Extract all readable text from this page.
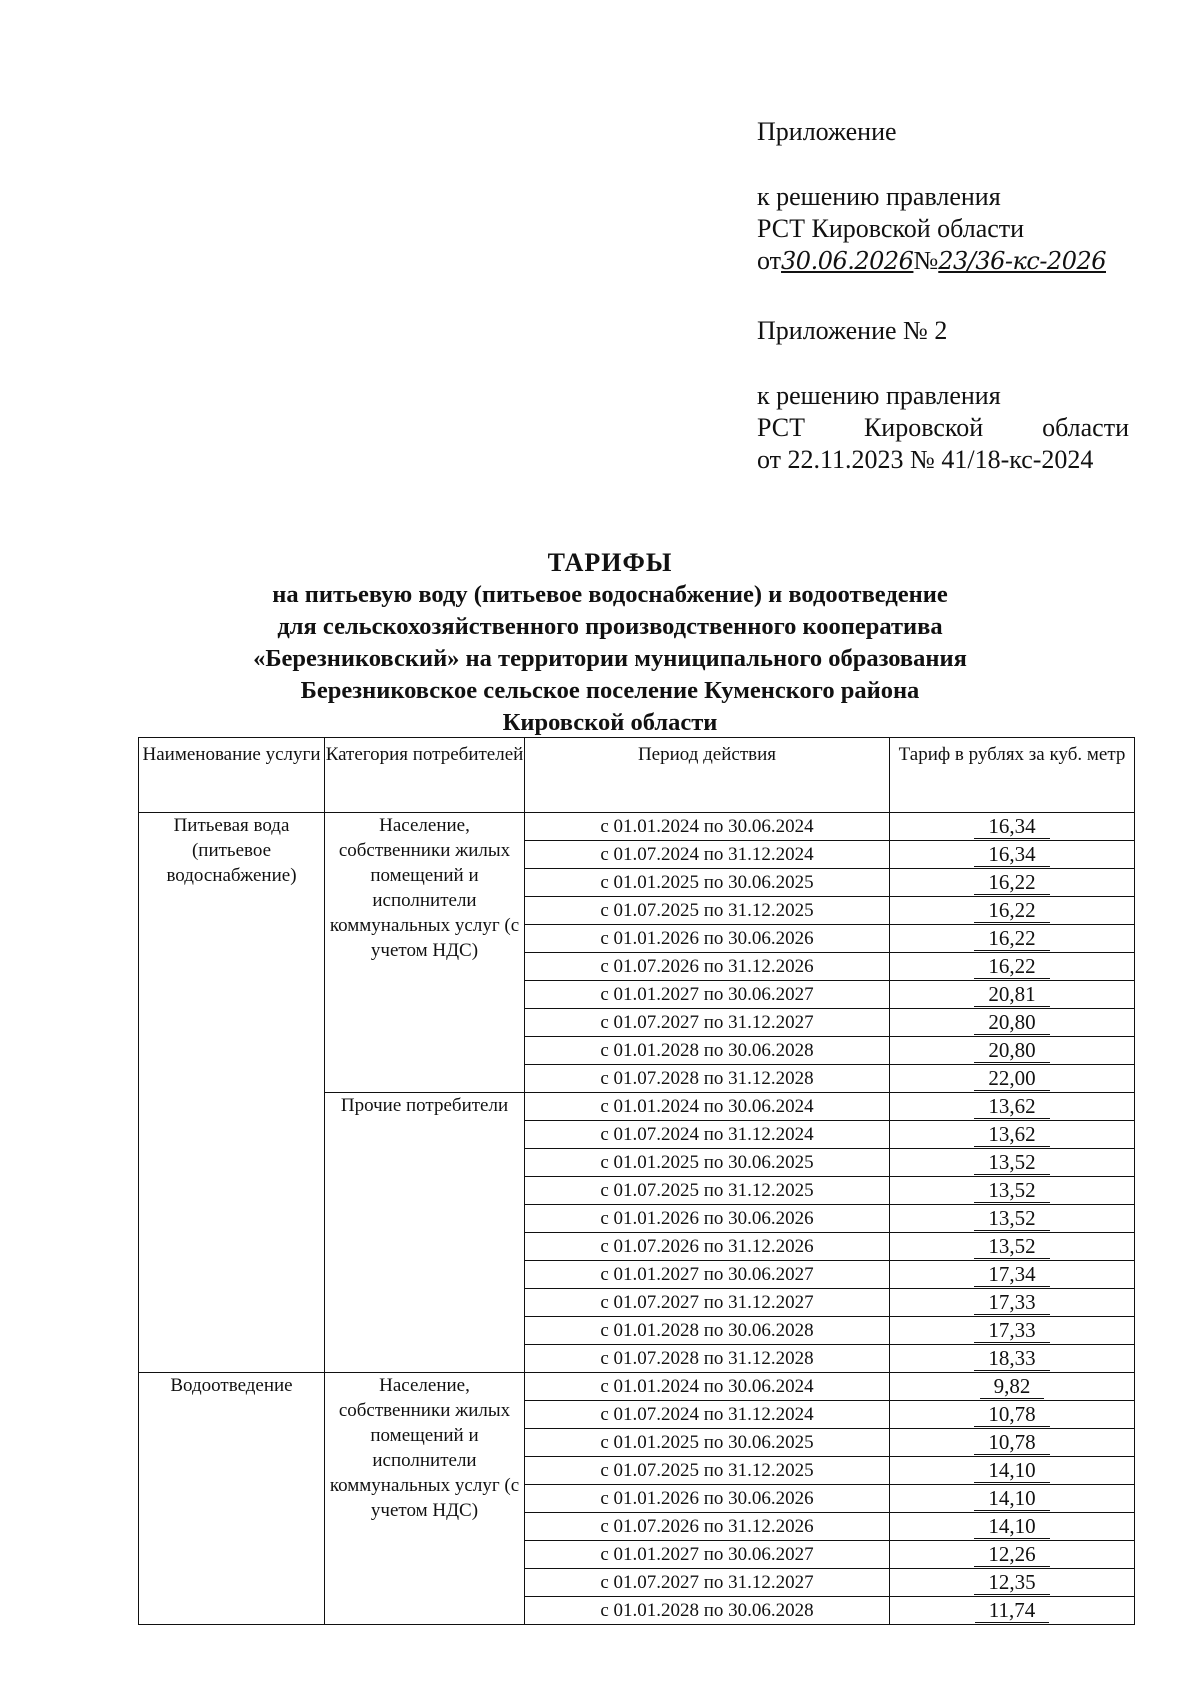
Приложение

к решению правления

РСТ Кировской области

от30.06.2026№23/36-кс-2026

Приложение № 2

к решению правления

РСТ Кировской области

от 22.11.2023 № 41/18-кс-2024

ТАРИФЫ
на питьевую воду (питьевое водоснабжение) и водоотведение
для сельскохозяйственного производственного кооператива
«Березниковский» на территории муниципального образования
Березниковское сельское поселение Куменского района
Кировской области
Наименование услуги	Категория потребителей	Период действия	Тариф в рублях за куб. метр
Питьевая вода (питьевое водоснабжение)	Население, собственники жилых помещений и исполнители коммунальных услуг (с учетом НДС)	с 01.01.2024 по 30.06.2024	16,34
		с 01.07.2024 по 31.12.2024	16,34
		с 01.01.2025 по 30.06.2025	16,22
		с 01.07.2025 по 31.12.2025	16,22
		с 01.01.2026 по 30.06.2026	16,22
		с 01.07.2026 по 31.12.2026	16,22
		с 01.01.2027 по 30.06.2027	20,81
		с 01.07.2027 по 31.12.2027	20,80
		с 01.01.2028 по 30.06.2028	20,80
		с 01.07.2028 по 31.12.2028	22,00
	Прочие потребители	с 01.01.2024 по 30.06.2024	13,62
		с 01.07.2024 по 31.12.2024	13,62
		с 01.01.2025 по 30.06.2025	13,52
		с 01.07.2025 по 31.12.2025	13,52
		с 01.01.2026 по 30.06.2026	13,52
		с 01.07.2026 по 31.12.2026	13,52
		с 01.01.2027 по 30.06.2027	17,34
		с 01.07.2027 по 31.12.2027	17,33
		с 01.01.2028 по 30.06.2028	17,33
		с 01.07.2028 по 31.12.2028	18,33
Водоотведение	Население, собственники жилых помещений и исполнители коммунальных услуг (с учетом НДС)	с 01.01.2024 по 30.06.2024	9,82
		с 01.07.2024 по 31.12.2024	10,78
		с 01.01.2025 по 30.06.2025	10,78
		с 01.07.2025 по 31.12.2025	14,10
		с 01.01.2026 по 30.06.2026	14,10
		с 01.07.2026 по 31.12.2026	14,10
		с 01.01.2027 по 30.06.2027	12,26
		с 01.07.2027 по 31.12.2027	12,35
		с 01.01.2028 по 30.06.2028	11,74
